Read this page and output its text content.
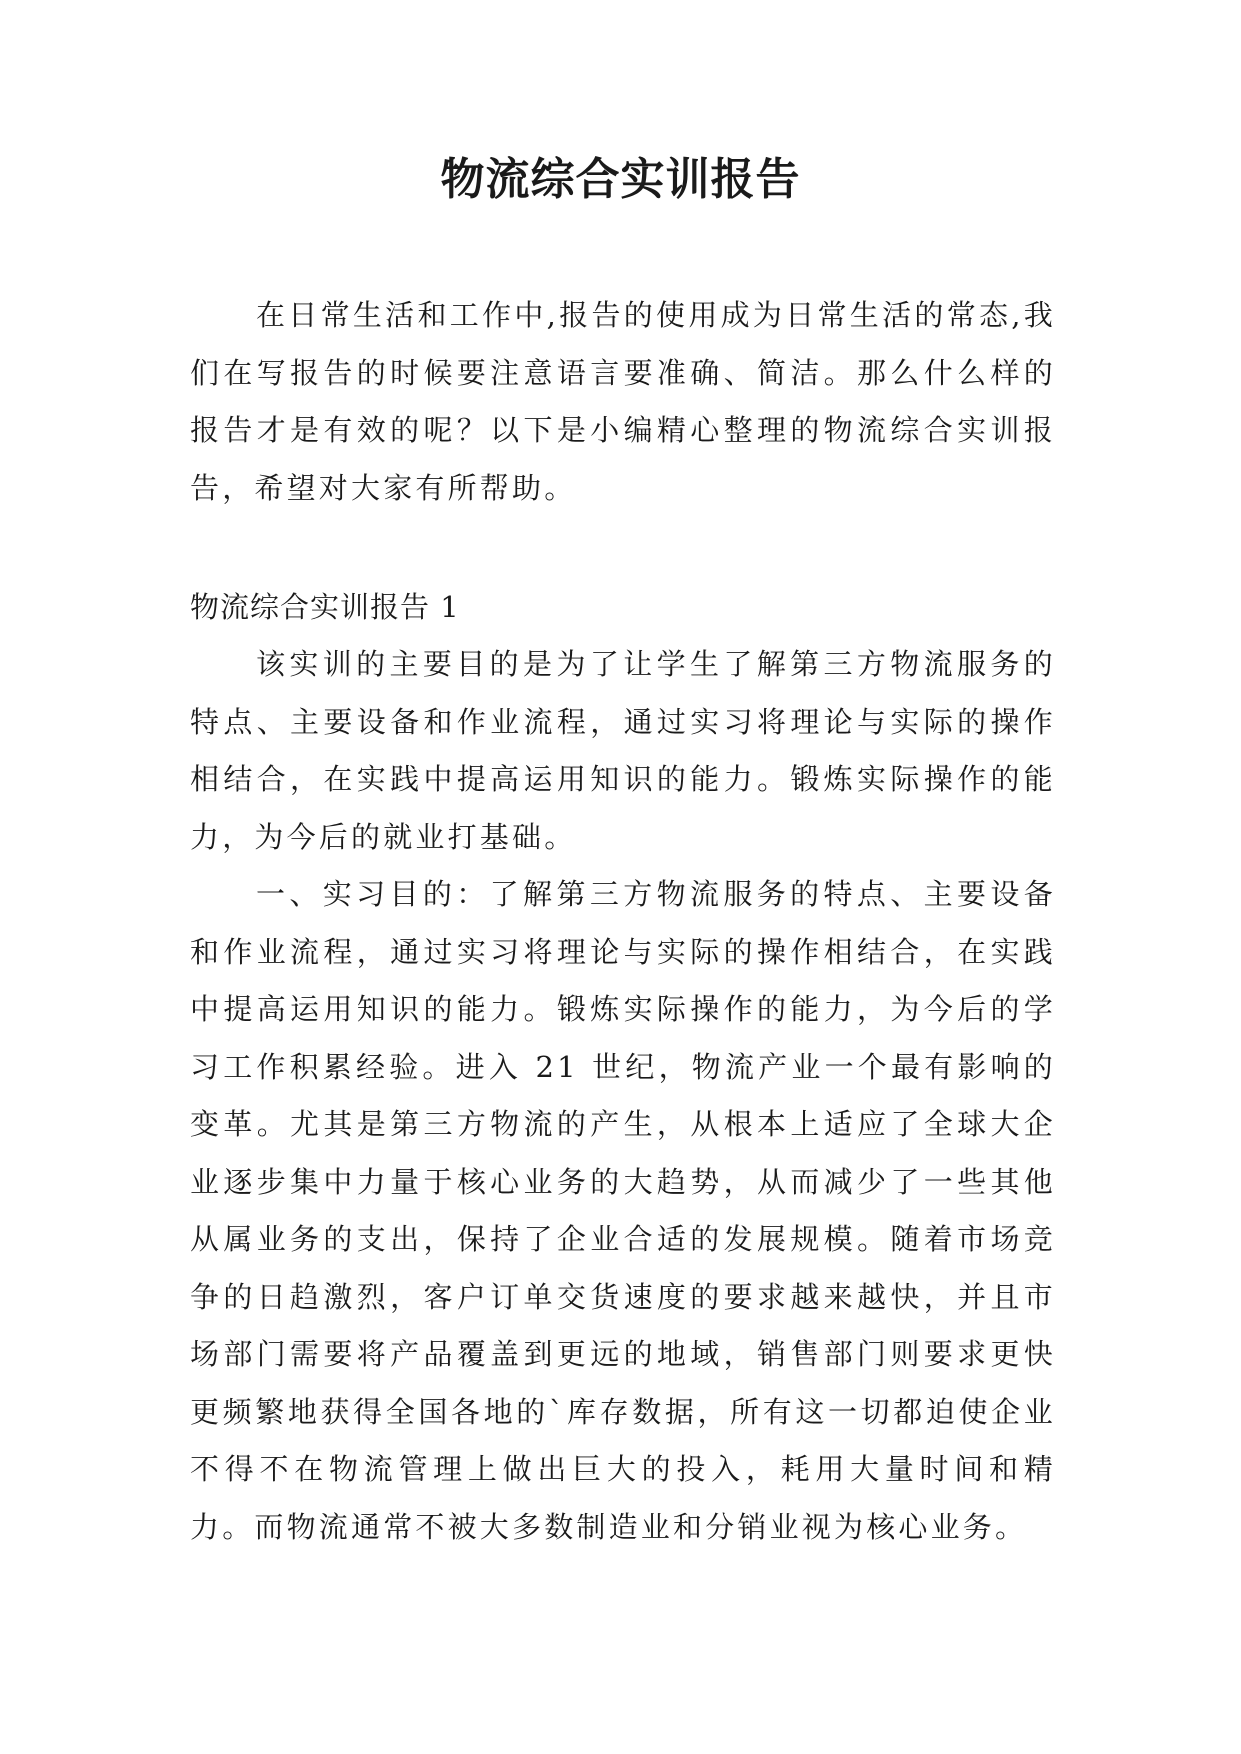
物流综合实训报告

在日常生活和工作中,报告的使用成为日常生活的常态,我们在写报告的时候要注意语言要准确、简洁。那么什么样的报告才是有效的呢？以下是小编精心整理的物流综合实训报告，希望对大家有所帮助。

物流综合实训报告 1

该实训的主要目的是为了让学生了解第三方物流服务的特点、主要设备和作业流程，通过实习将理论与实际的操作相结合，在实践中提高运用知识的能力。锻炼实际操作的能力，为今后的就业打基础。

一、实习目的：了解第三方物流服务的特点、主要设备和作业流程，通过实习将理论与实际的操作相结合，在实践中提高运用知识的能力。锻炼实际操作的能力，为今后的学习工作积累经验。进入 21 世纪，物流产业一个最有影响的变革。尤其是第三方物流的产生，从根本上适应了全球大企业逐步集中力量于核心业务的大趋势，从而减少了一些其他从属业务的支出，保持了企业合适的发展规模。随着市场竞争的日趋激烈，客户订单交货速度的要求越来越快，并且市场部门需要将产品覆盖到更远的地域，销售部门则要求更快更频繁地获得全国各地的`库存数据，所有这一切都迫使企业不得不在物流管理上做出巨大的投入，耗用大量时间和精力。而物流通常不被大多数制造业和分销业视为核心业务。
